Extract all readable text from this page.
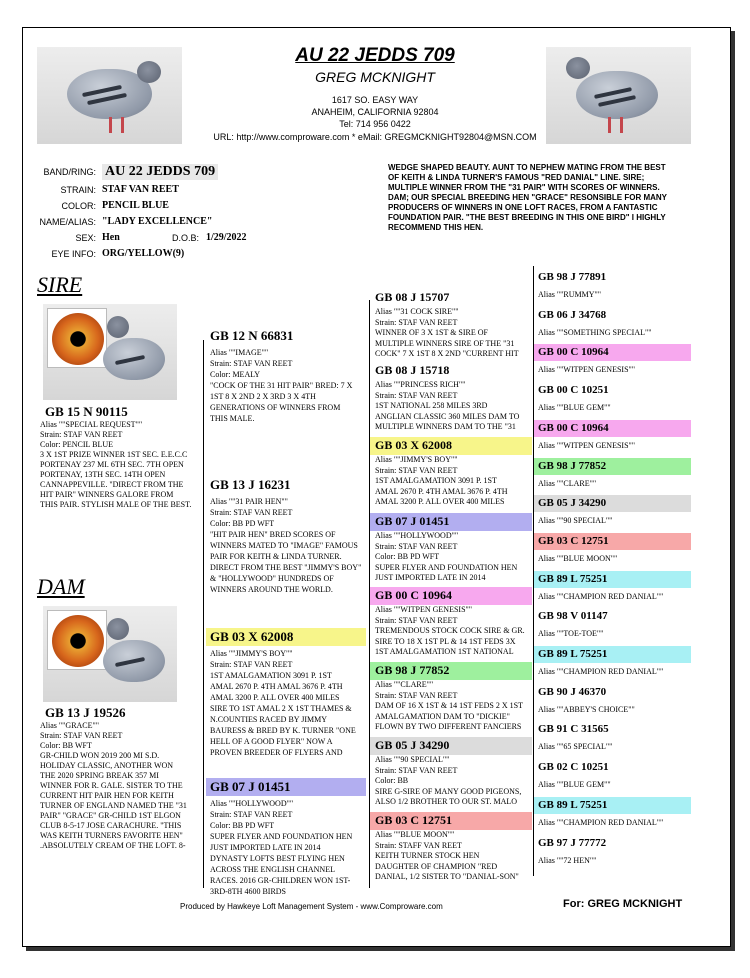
AU 22 JEDDS 709
GREG MCKNIGHT
1617 SO. EASY WAY
ANAHEIM, CALIFORNIA 92804
Tel: 714 956 0422
URL: http://www.comproware.com * eMail: GREGMCKNIGHT92804@MSN.COM
BAND/RING: AU 22 JEDDS 709
STRAIN: STAF VAN REET
COLOR: PENCIL BLUE
NAME/ALIAS: "LADY EXCELLENCE"
SEX: Hen	D.O.B: 1/29/2022
EYE INFO: ORG/YELLOW(9)
WEDGE SHAPED BEAUTY. AUNT TO NEPHEW MATING FROM THE BEST OF KEITH & LINDA TURNER'S FAMOUS "RED DANIAL" LINE. SIRE; MULTIPLE WINNER FROM THE "31 PAIR" WITH SCORES OF WINNERS. DAM; OUR SPECIAL BREEDING HEN "GRACE" RESONSIBLE FOR MANY PRODUCERS OF WINNERS IN ONE LOFT RACES, FROM A FANTASTIC FOUNDATION PAIR. "THE BEST BREEDING IN THIS ONE BIRD" I HIGHLY RECOMMEND THIS HEN.
SIRE
GB 15 N 90115
Alias ""SPECIAL REQUEST""
Strain: STAF VAN REET
Color: PENCIL BLUE
3 X 1ST PRIZE WINNER 1ST SEC. E.E.C.C
PORTENAY 237 MI. 6TH SEC. 7TH OPEN
PORTENAY, 13TH SEC. 14TH OPEN
CANNAPPEVILLE. "DIRECT FROM THE
HIT PAIR" WINNERS GALORE FROM
THIS PAIR. STYLISH MALE OF THE BEST.
DAM
GB 13 J 19526
Alias ""GRACE""
Strain: STAF VAN REET
Color: BB WFT
GR-CHILD WON 2019 200 MI S.D.
HOLIDAY CLASSIC, ANOTHER WON
THE 2020 SPRING BREAK 357 MI
WINNER FOR R. GALE. SISTER TO THE
CURRENT HIT PAIR HEN FOR KEITH
TURNER OF ENGLAND NAMED THE "31
PAIR" "GRACE" GR-CHILD 1ST ELGON
CLUB 8-5-17 JOSE CARACHURE. "THIS
WAS KEITH TURNERS FAVORITE HEN"
.ABSOLUTELY CREAM OF THE LOFT. 8-
Produced by Hawkeye Loft Management System - www.Comproware.com	For: GREG MCKNIGHT
GB 12 N 66831
Alias ""IMAGE""
Strain: STAF VAN REET
Color: MEALY
"COCK OF THE 31 HIT PAIR" BRED: 7 X
1ST 8 X 2ND 2 X 3RD 3 X 4TH
GENERATIONS OF WINNERS FROM
THIS MALE.
GB 13 J 16231
Alias ""31 PAIR HEN""
Strain: STAF VAN REET
Color: BB PD WFT
"HIT PAIR HEN" BRED SCORES OF
WINNERS MATED TO "IMAGE" FAMOUS
PAIR FOR KEITH & LINDA TURNER.
DIRECT FROM THE BEST "JIMMY'S BOY"
& "HOLLYWOOD" HUNDREDS OF
WINNERS AROUND THE WORLD.
GB 03 X 62008
Alias ""JIMMY'S BOY""
Strain: STAF VAN REET
1ST AMALGAMATION 3091 P. 1ST
AMAL 2670 P. 4TH AMAL 3676 P. 4TH
AMAL 3200 P. ALL OVER 400 MILES
SIRE TO 1ST AMAL 2 X 1ST THAMES &
N.COUNTIES RACED BY JIMMY
BAURESS & BRED BY K. TURNER "ONE
HELL OF A GOOD FLYER" NOW A
PROVEN BREEDER OF FLYERS AND
GB 07 J 01451
Alias ""HOLLYWOOD""
Strain: STAF VAN REET
Color: BB PD WFT
SUPER FLYER AND FOUNDATION HEN
JUST IMPORTED LATE IN 2014
DYNASTY LOFTS BEST FLYING HEN
ACROSS THE ENGLISH CHANNEL
RACES. 2016 GR-CHILDREN WON 1ST-
3RD-8TH 4600 BIRDS
GB 08 J 15707
Alias ""31 COCK SIRE""
Strain: STAF VAN REET
WINNER OF 3 X 1ST & SIRE OF
MULTIPLE WINNERS SIRE OF THE "31
COCK" 7 X 1ST 8 X 2ND "CURRENT HIT
GB 08 J 15718
Alias ""PRINCESS RICH""
Strain: STAF VAN REET
1ST NATIONAL 258 MILES 3RD
ANGLIAN CLASSIC 360 MILES DAM TO
MULTIPLE WINNERS DAM TO THE "31
GB 03 X 62008
Alias ""JIMMY'S BOY""
Strain: STAF VAN REET
1ST AMALGAMATION 3091 P. 1ST
AMAL 2670 P. 4TH AMAL 3676 P. 4TH
AMAL 3200 P. ALL OVER 400 MILES
GB 07 J 01451
Alias ""HOLLYWOOD""
Strain: STAF VAN REET
Color: BB PD WFT
SUPER FLYER AND FOUNDATION HEN
JUST IMPORTED LATE IN 2014
GB 00 C 10964
Alias ""WITPEN GENESIS""
Strain: STAF VAN REET
TREMENDOUS STOCK COCK SIRE & GR.
SIRE TO 18 X 1ST PL & 14 1ST FEDS 3X
1ST AMALGAMATION 1ST NATIONAL
GB 98 J 77852
Alias ""CLARE""
Strain: STAF VAN REET
DAM OF 16 X 1ST & 14 1ST FEDS 2 X 1ST
AMALGAMATION DAM TO "DICKIE"
FLOWN BY TWO DIFFERENT FANCIERS
GB 05 J 34290
Alias ""90 SPECIAL""
Strain: STAF VAN REET
Color: BB
SIRE G-SIRE OF MANY GOOD PIGEONS,
ALSO 1/2 BROTHER TO OUR ST. MALO
GB 03 C 12751
Alias ""BLUE MOON""
Strain: STAFF VAN REET
KEITH TURNER STOCK HEN
DAUGHTER OF CHAMPION "RED
DANIAL, 1/2 SISTER TO "DANIAL-SON"
GB 98 J 77891
Alias ""RUMMY""
GB 06 J 34768
Alias ""SOMETHING SPECIAL""
GB 00 C 10964
Alias ""WITPEN GENESIS""
GB 00 C 10251
Alias ""BLUE GEM""
GB 00 C 10964
Alias ""WITPEN GENESIS""
GB 98 J 77852
Alias ""CLARE""
GB 05 J 34290
Alias ""90 SPECIAL""
GB 03 C 12751
Alias ""BLUE MOON""
GB 89 L 75251
Alias ""CHAMPION RED DANIAL""
GB 98 V 01147
Alias ""TOE-TOE""
GB 89 L 75251
Alias ""CHAMPION RED DANIAL""
GB 90 J 46370
Alias ""ABBEY'S CHOICE""
GB 91 C 31565
Alias ""65 SPECIAL""
GB 02 C 10251
Alias ""BLUE GEM""
GB 89 L 75251
Alias ""CHAMPION RED DANIAL""
GB 97 J 77772
Alias ""72 HEN""
